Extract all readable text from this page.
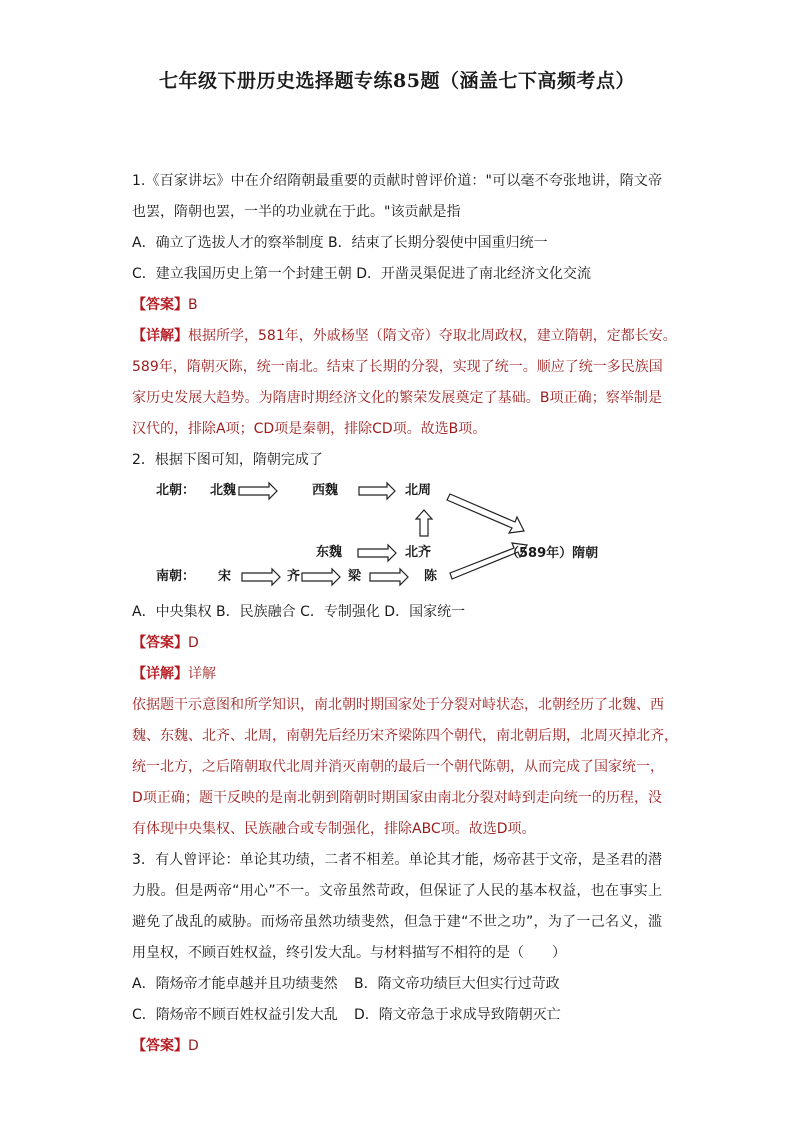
七年级下册历史选择题专练85题（涵盖七下高频考点）
1.《百家讲坛》中在介绍隋朝最重要的贡献时曾评价道："可以毫不夸张地讲，隋文帝
也罢，隋朝也罢，一半的功业就在于此。"该贡献是指
A．确立了选拔人才的察举制度 B．结束了长期分裂使中国重归统一
C．建立我国历史上第一个封建王朝 D．开凿灵渠促进了南北经济文化交流
【答案】B
【详解】根据所学，581年，外戚杨坚（隋文帝）夺取北周政权，建立隋朝，定都长安。
589年，隋朝灭陈，统一南北。结束了长期的分裂，实现了统一。顺应了统一多民族国
家历史发展大趋势。为隋唐时期经济文化的繁荣发展奠定了基础。B项正确；察举制是
汉代的，排除A项；CD项是秦朝，排除CD项。故选B项。
2．根据下图可知，隋朝完成了
北朝： 北魏	西魏	北周
东魏	北齐	（589年）隋朝
南朝： 宋	齐	梁	陈
A．中央集权 B．民族融合 C．专制强化 D．国家统一
【答案】D
【详解】详解
依据题干示意图和所学知识，南北朝时期国家处于分裂对峙状态，北朝经历了北魏、西
魏、东魏、北齐、北周，南朝先后经历宋齐梁陈四个朝代，南北朝后期，北周灭掉北齐，
统一北方，之后隋朝取代北周并消灭南朝的最后一个朝代陈朝，从而完成了国家统一，
D项正确；题干反映的是南北朝到隋朝时期国家由南北分裂对峙到走向统一的历程，没
有体现中央集权、民族融合或专制强化，排除ABC项。故选D项。
3．有人曾评论：单论其功绩，二者不相差。单论其才能，炀帝甚于文帝，是圣君的潜
力股。但是两帝“用心”不一。文帝虽然苛政，但保证了人民的基本权益，也在事实上
避免了战乱的威胁。而炀帝虽然功绩斐然，但急于建“不世之功”，为了一己名义，滥
用皇权，不顾百姓权益，终引发大乱。与材料描写不相符的是（　　）
A．隋炀帝才能卓越并且功绩斐然 B．隋文帝功绩巨大但实行过苛政
C．隋炀帝不顾百姓权益引发大乱 D．隋文帝急于求成导致隋朝灭亡
【答案】D
